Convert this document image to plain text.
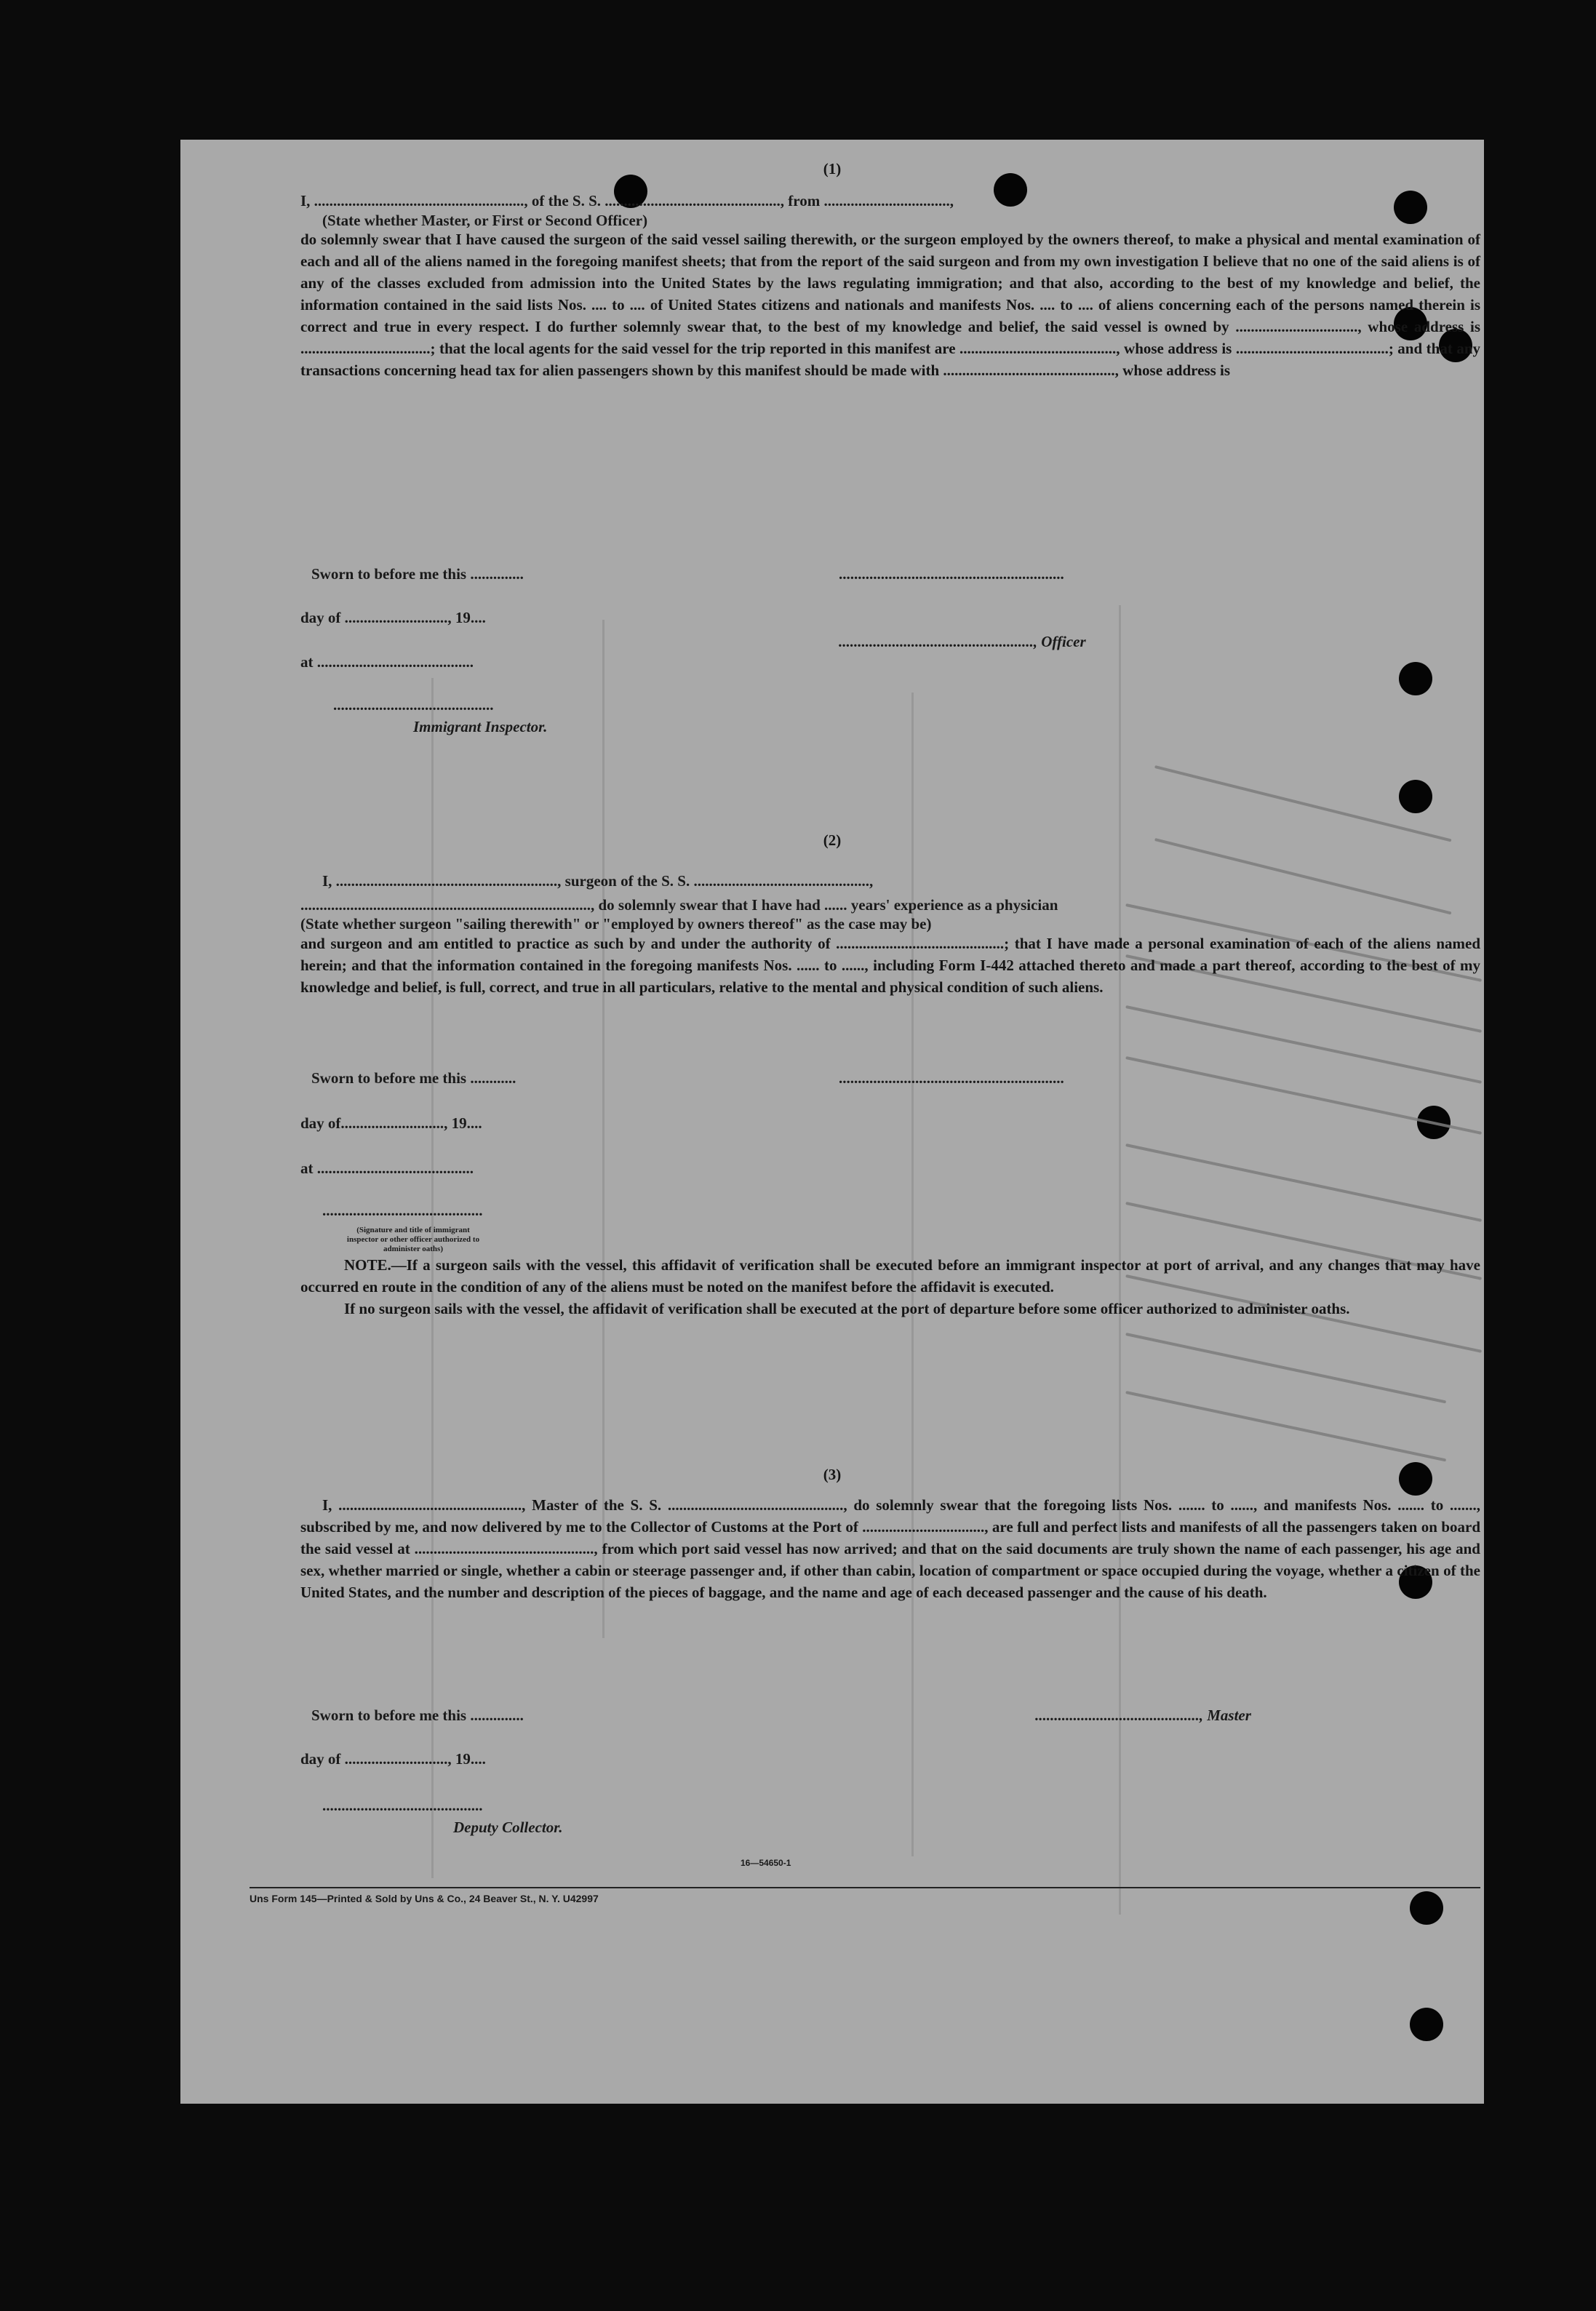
(1)
I, ......................................................., of the S. S. .............................................., from .................................,
(State whether Master, or First or Second Officer)

do solemnly swear that I have caused the surgeon of the said vessel sailing therewith, or the surgeon employed by the owners thereof, to make a physical and mental examination of each and all of the aliens named in the foregoing manifest sheets; that from the report of the said surgeon and from my own investigation I believe that no one of the said aliens is of any of the classes excluded from admission into the United States by the laws regulating immigration; and that also, according to the best of my knowledge and belief, the information contained in the said lists Nos. .... to .... of United States citizens and nationals and manifests Nos. .... to .... of aliens concerning each of the persons named therein is correct and true in every respect. I do further solemnly swear that, to the best of my knowledge and belief, the said vessel is owned by ................................, whose address is ..................................; that the local agents for the said vessel for the trip reported in this manifest are ........................................., whose address is ........................................; and that any transactions concerning head tax for alien passengers shown by this manifest should be made with ............................................., whose address is

Sworn to before me this ..............	...........................................................
day of ..........................., 19....
..................................................., Officer
at .........................................
..........................................
Immigrant Inspector.
(2)
I, .........................................................., surgeon of the S. S. ..............................................,
............................................................................, do solemnly swear that I have had ...... years' experience as a physician
(State whether surgeon "sailing therewith" or "employed by owners thereof" as the case may be)

and surgeon and am entitled to practice as such by and under the authority of ............................................; that I have made a personal examination of each of the aliens named herein; and that the information contained in the foregoing manifests Nos. ...... to ......, including Form I-442 attached thereto and made a part thereof, according to the best of my knowledge and belief, is full, correct, and true in all particulars, relative to the mental and physical condition of such aliens.

Sworn to before me this ............	...........................................................
day of..........................., 19....
at .........................................
..........................................
(Signature and title of immigrant inspector or other officer authorized to administer oaths)

NOTE.—If a surgeon sails with the vessel, this affidavit of verification shall be executed before an immigrant inspector at port of arrival, and any changes that may have occurred en route in the condition of any of the aliens must be noted on the manifest before the affidavit is executed.

If no surgeon sails with the vessel, the affidavit of verification shall be executed at the port of departure before some officer authorized to administer oaths.

(3)

I, ................................................, Master of the S. S. .............................................., do solemnly swear that the foregoing lists Nos. ....... to ......, and manifests Nos. ....... to ......., subscribed by me, and now delivered by me to the Collector of Customs at the Port of ................................, are full and perfect lists and manifests of all the passengers taken on board the said vessel at ..............................................., from which port said vessel has now arrived; and that on the said documents are truly shown the name of each passenger, his age and sex, whether married or single, whether a cabin or steerage passenger and, if other than cabin, location of compartment or space occupied during the voyage, whether a citizen of the United States, and the number and description of the pieces of baggage, and the name and age of each deceased passenger and the cause of his death.

Sworn to before me this ..............	..........................................., Master
day of ..........................., 19....
..........................................
Deputy Collector.
16—54650-1
Uns Form 145—Printed & Sold by Uns & Co., 24 Beaver St., N. Y. U42997
